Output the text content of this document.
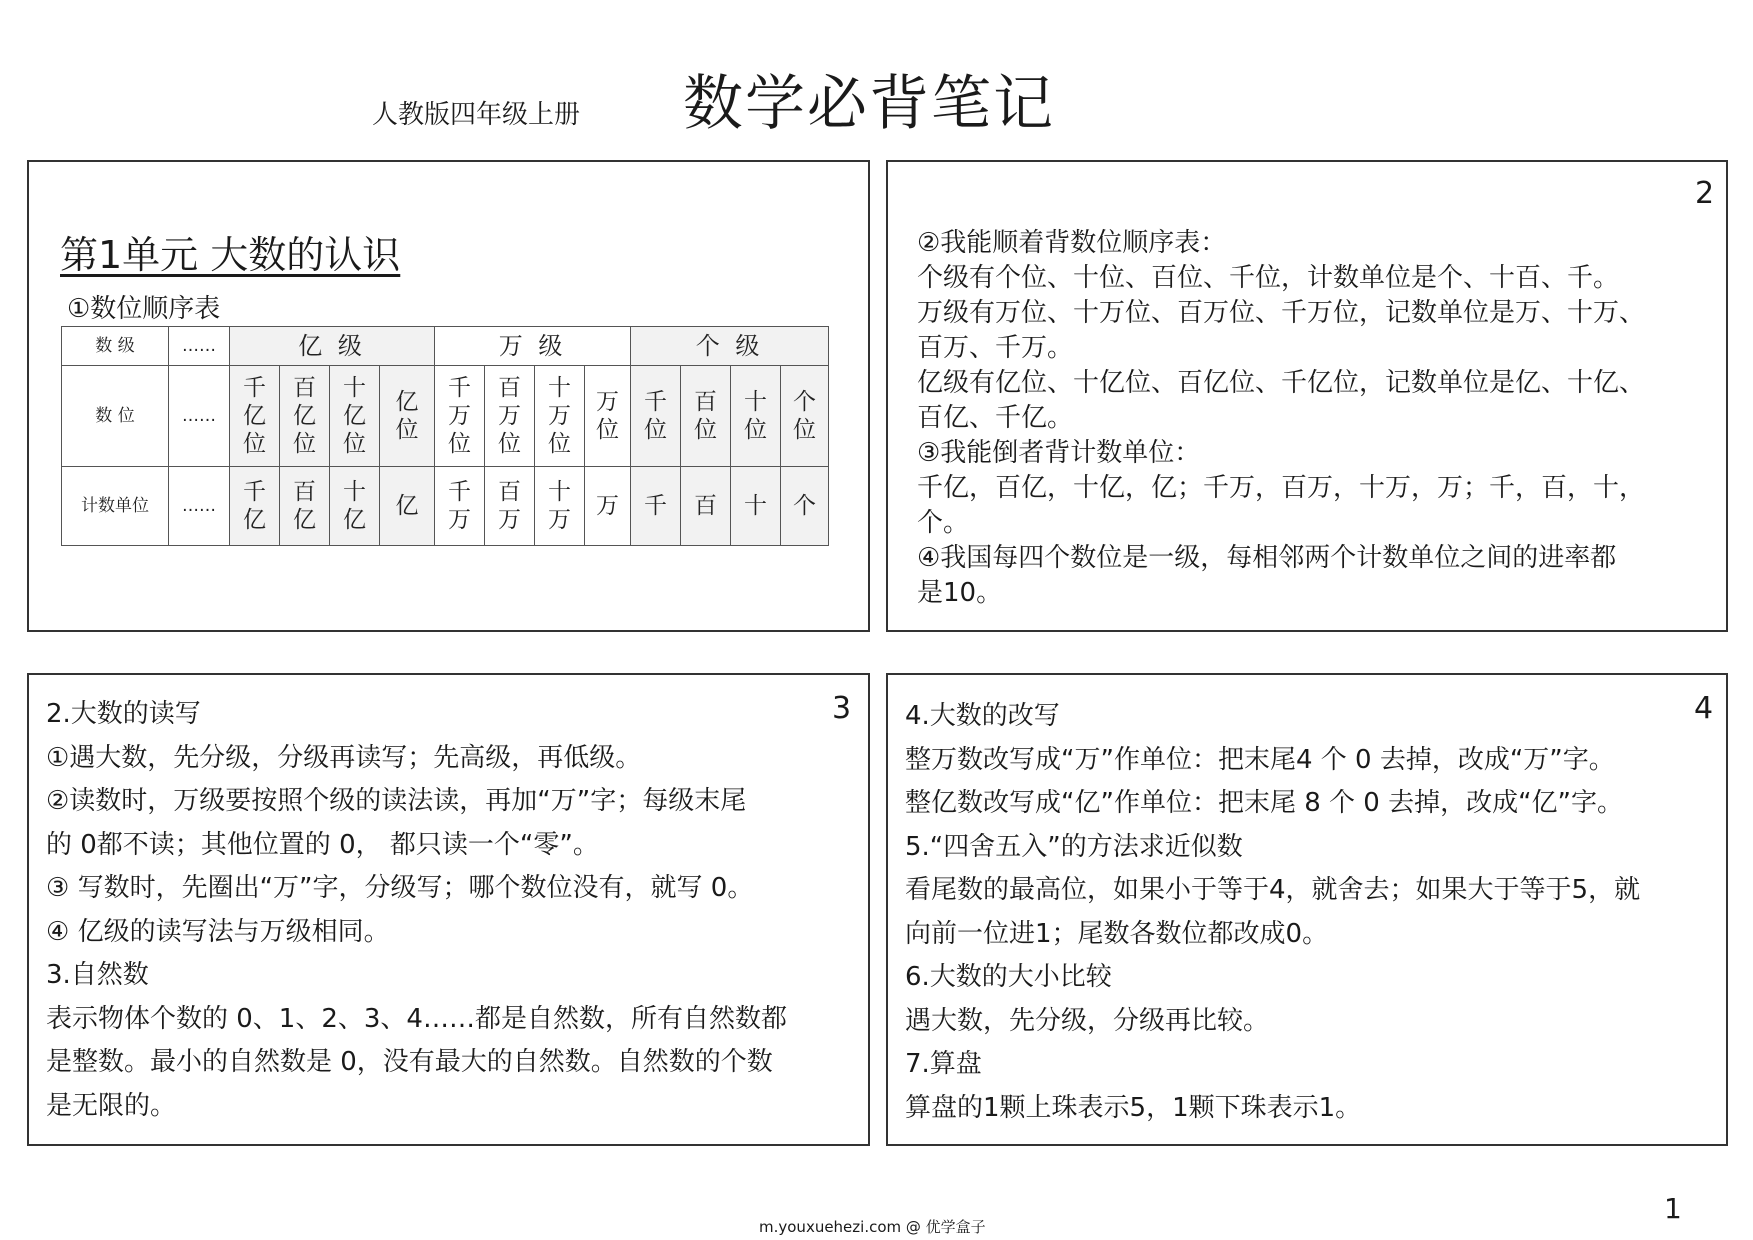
人教版四年级上册 数学必背笔记
第1单元 大数的认识
①数位顺序表
数 级	……	亿 级				万 级				个 级			
数 位	……	千亿位	百亿位	十亿位	亿位	千万位	百万位	十万位	万位	千位	百位	十位	个位
计数单位	……	千亿	百亿	十亿	亿	千万	百万	十万	万	千	百	十	个
2
②我能顺着背数位顺序表：
个级有个位、十位、百位、千位，计数单位是个、十百、千。
万级有万位、十万位、百万位、千万位，记数单位是万、十万、
百万、千万。
亿级有亿位、十亿位、百亿位、千亿位，记数单位是亿、十亿、
百亿、千亿。
③我能倒者背计数单位：
千亿，百亿，十亿，亿；千万，百万，十万，万；千，百，十，
个。
④我国每四个数位是一级，每相邻两个计数单位之间的进率都
是10。
3
2.大数的读写
①遇大数，先分级，分级再读写；先高级，再低级。
②读数时，万级要按照个级的读法读，再加“万”字；每级末尾
的 0都不读；其他位置的 0， 都只读一个“零”。
③ 写数时，先圈出“万”字，分级写；哪个数位没有，就写 0。
④ 亿级的读写法与万级相同。
3.自然数
表示物体个数的 0、1、2、3、4……都是自然数，所有自然数都
是整数。最小的自然数是 0，没有最大的自然数。自然数的个数
是无限的。
4
4.大数的改写
整万数改写成“万”作单位：把末尾4 个 0 去掉，改成“万”字。
整亿数改写成“亿”作单位：把末尾 8 个 0 去掉，改成“亿”字。
5.“四舍五入”的方法求近似数
看尾数的最高位，如果小于等于4，就舍去；如果大于等于5，就
向前一位进1；尾数各数位都改成0。
6.大数的大小比较
遇大数，先分级，分级再比较。
7.算盘
算盘的1颗上珠表示5，1颗下珠表示1。
m.youxuehezi.com @ 优学盒子
1
